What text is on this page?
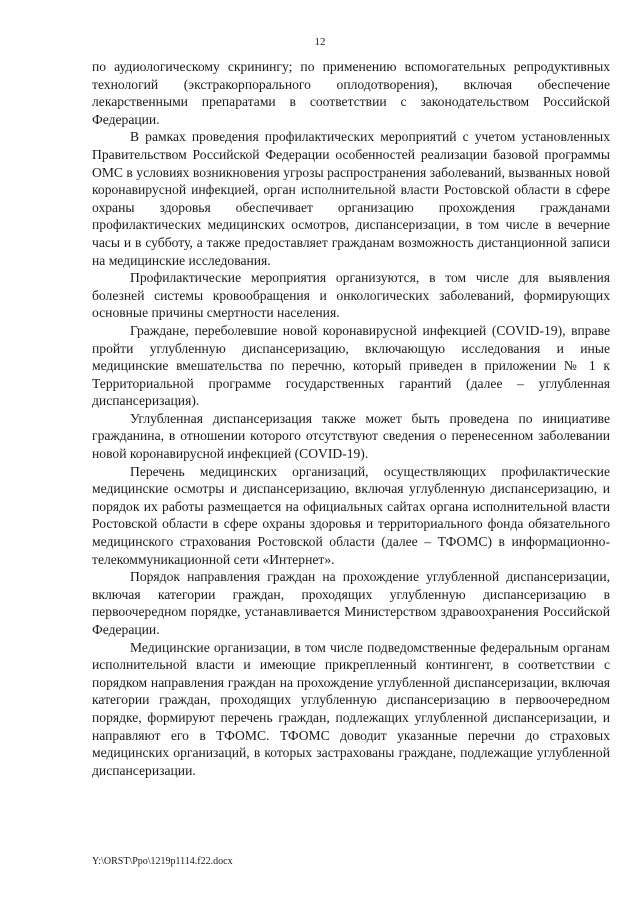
12

по аудиологическому скринингу; по применению вспомогательных репродуктивных технологий (экстракорпорального оплодотворения), включая обеспечение лекарственными препаратами в соответствии с законодательством Российской Федерации.

В рамках проведения профилактических мероприятий с учетом установленных Правительством Российской Федерации особенностей реализации базовой программы ОМС в условиях возникновения угрозы распространения заболеваний, вызванных новой коронавирусной инфекцией, орган исполнительной власти Ростовской области в сфере охраны здоровья обеспечивает организацию прохождения гражданами профилактических медицинских осмотров, диспансеризации, в том числе в вечерние часы и в субботу, а также предоставляет гражданам возможность дистанционной записи на медицинские исследования.

Профилактические мероприятия организуются, в том числе для выявления болезней системы кровообращения и онкологических заболеваний, формирующих основные причины смертности населения.

Граждане, переболевшие новой коронавирусной инфекцией (COVID-19), вправе пройти углубленную диспансеризацию, включающую исследования и иные медицинские вмешательства по перечню, который приведен в приложении № 1 к Территориальной программе государственных гарантий (далее – углубленная диспансеризация).

Углубленная диспансеризация также может быть проведена по инициативе гражданина, в отношении которого отсутствуют сведения о перенесенном заболевании новой коронавирусной инфекцией (COVID-19).

Перечень медицинских организаций, осуществляющих профилактические медицинские осмотры и диспансеризацию, включая углубленную диспансеризацию, и порядок их работы размещается на официальных сайтах органа исполнительной власти Ростовской области в сфере охраны здоровья и территориального фонда обязательного медицинского страхования Ростовской области (далее – ТФОМС) в информационно-телекоммуникационной сети «Интернет».

Порядок направления граждан на прохождение углубленной диспансеризации, включая категории граждан, проходящих углубленную диспансеризацию в первоочередном порядке, устанавливается Министерством здравоохранения Российской Федерации.

Медицинские организации, в том числе подведомственные федеральным органам исполнительной власти и имеющие прикрепленный контингент, в соответствии с порядком направления граждан на прохождение углубленной диспансеризации, включая категории граждан, проходящих углубленную диспансеризацию в первоочередном порядке, формируют перечень граждан, подлежащих углубленной диспансеризации, и направляют его в ТФОМС. ТФОМС доводит указанные перечни до страховых медицинских организаций, в которых застрахованы граждане, подлежащие углубленной диспансеризации.

Y:\ORST\Ppo\1219p1114.f22.docx
